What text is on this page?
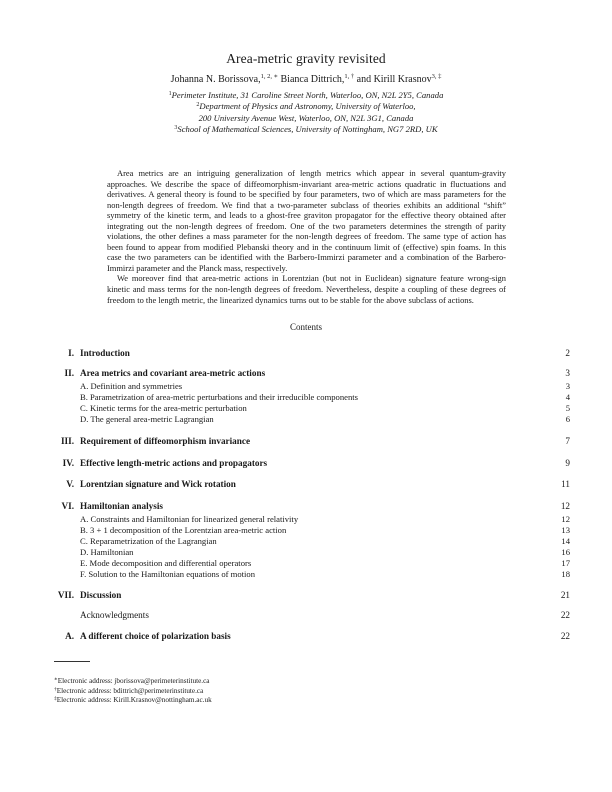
Area-metric gravity revisited
Johanna N. Borissova,$^{1, 2, ∗}$ Bianca Dittrich,$^{1, \dagger}$ and Kirill Krasnov$^{3, \ddagger}$
$^1$Perimeter Institute, 31 Caroline Street North, Waterloo, ON, N2L 2Y5, Canada
$^2$Department of Physics and Astronomy, University of Waterloo,
200 University Avenue West, Waterloo, ON, N2L 3G1, Canada
$^3$School of Mathematical Sciences, University of Nottingham, NG7 2RD, UK

Area metrics are an intriguing generalization of length metrics which appear in several quantum-gravity approaches. We describe the space of diffeomorphism-invariant area-metric actions quadratic in fluctuations and derivatives. A general theory is found to be specified by four parameters, two of which are mass parameters for the non-length degrees of freedom. We find that a two-parameter subclass of theories exhibits an additional “shift” symmetry of the kinetic term, and leads to a ghost-free graviton propagator for the effective theory obtained after integrating out the non-length degrees of freedom. One of the two parameters determines the strength of parity violations, the other defines a mass parameter for the non-length degrees of freedom. The same type of action has been found to appear from modified Plebanski theory and in the continuum limit of (effective) spin foams. In this case the two parameters can be identified with the Barbero-Immirzi parameter and a combination of the Barbero-Immirzi parameter and the Planck mass, respectively.

We moreover find that area-metric actions in Lorentzian (but not in Euclidean) signature feature wrong-sign kinetic and mass terms for the non-length degrees of freedom. Nevertheless, despite a coupling of these degrees of freedom to the length metric, the linearized dynamics turns out to be stable for the above subclass of actions.

Contents
I. Introduction	2
II. Area metrics and covariant area-metric actions	3
A. Definition and symmetries	3
B. Parametrization of area-metric perturbations and their irreducible components	4
C. Kinetic terms for the area-metric perturbation	5
D. The general area-metric Lagrangian	6
III. Requirement of diffeomorphism invariance	7
IV. Effective length-metric actions and propagators	9
V. Lorentzian signature and Wick rotation	11
VI. Hamiltonian analysis	12
A. Constraints and Hamiltonian for linearized general relativity	12
B. 3 + 1 decomposition of the Lorentzian area-metric action	13
C. Reparametrization of the Lagrangian	14
D. Hamiltonian	16
E. Mode decomposition and differential operators	17
F. Solution to the Hamiltonian equations of motion	18
VII. Discussion	21
Acknowledgments	22
A. A different choice of polarization basis	22
∗Electronic address: jborissova@perimeterinstitute.ca
†Electronic address: bdittrich@perimeterinstitute.ca
‡Electronic address: Kirill.Krasnov@nottingham.ac.uk
